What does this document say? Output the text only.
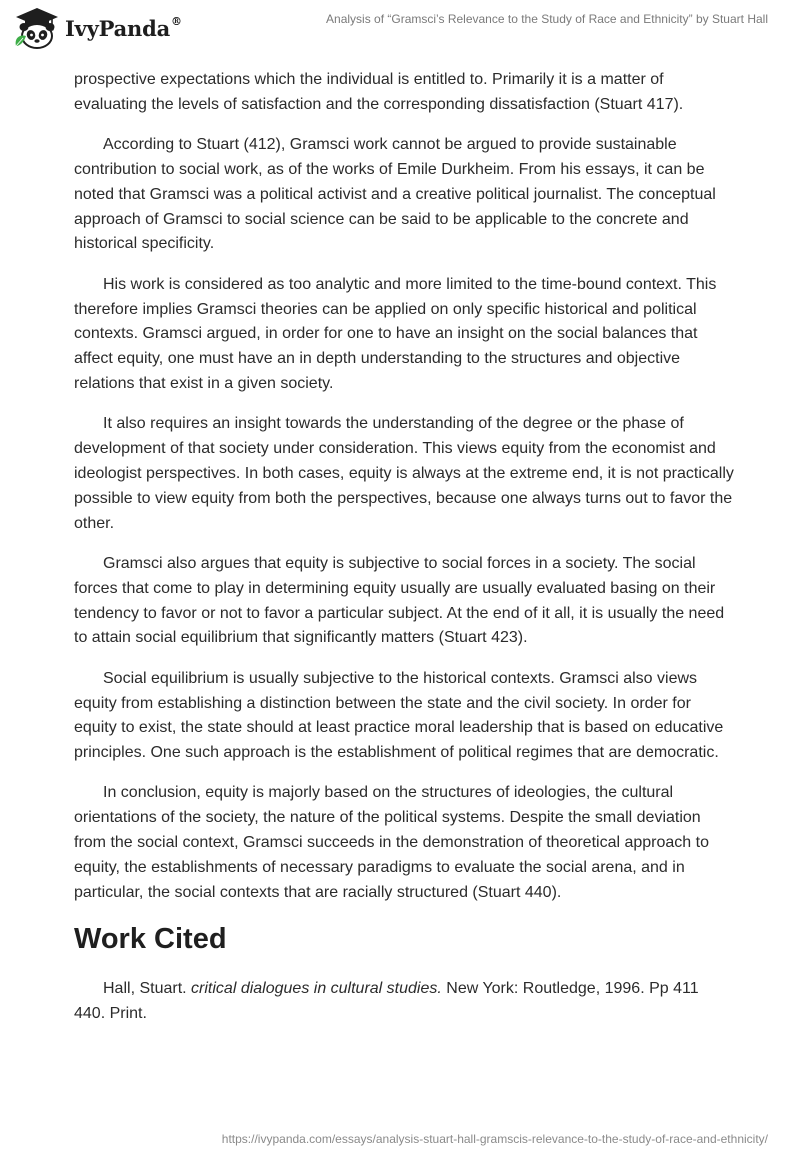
IvyPanda®	Analysis of “Gramsci’s Relevance to the Study of Race and Ethnicity” by Stuart Hall

prospective expectations which the individual is entitled to. Primarily it is a matter of evaluating the levels of satisfaction and the corresponding dissatisfaction (Stuart 417).

According to Stuart (412), Gramsci work cannot be argued to provide sustainable contribution to social work, as of the works of Emile Durkheim. From his essays, it can be noted that Gramsci was a political activist and a creative political journalist. The conceptual approach of Gramsci to social science can be said to be applicable to the concrete and historical specificity.

His work is considered as too analytic and more limited to the time-bound context. This therefore implies Gramsci theories can be applied on only specific historical and political contexts. Gramsci argued, in order for one to have an insight on the social balances that affect equity, one must have an in depth understanding to the structures and objective relations that exist in a given society.

It also requires an insight towards the understanding of the degree or the phase of development of that society under consideration. This views equity from the economist and ideologist perspectives. In both cases, equity is always at the extreme end, it is not practically possible to view equity from both the perspectives, because one always turns out to favor the other.

Gramsci also argues that equity is subjective to social forces in a society. The social forces that come to play in determining equity usually are usually evaluated basing on their tendency to favor or not to favor a particular subject. At the end of it all, it is usually the need to attain social equilibrium that significantly matters (Stuart 423).

Social equilibrium is usually subjective to the historical contexts. Gramsci also views equity from establishing a distinction between the state and the civil society. In order for equity to exist, the state should at least practice moral leadership that is based on educative principles. One such approach is the establishment of political regimes that are democratic.

In conclusion, equity is majorly based on the structures of ideologies, the cultural orientations of the society, the nature of the political systems. Despite the small deviation from the social context, Gramsci succeeds in the demonstration of theoretical approach to equity, the establishments of necessary paradigms to evaluate the social arena, and in particular, the social contexts that are racially structured (Stuart 440).

Work Cited

Hall, Stuart. critical dialogues in cultural studies. New York: Routledge, 1996. Pp 411 440. Print.

https://ivypanda.com/essays/analysis-stuart-hall-gramscis-relevance-to-the-study-of-race-and-ethnicity/
